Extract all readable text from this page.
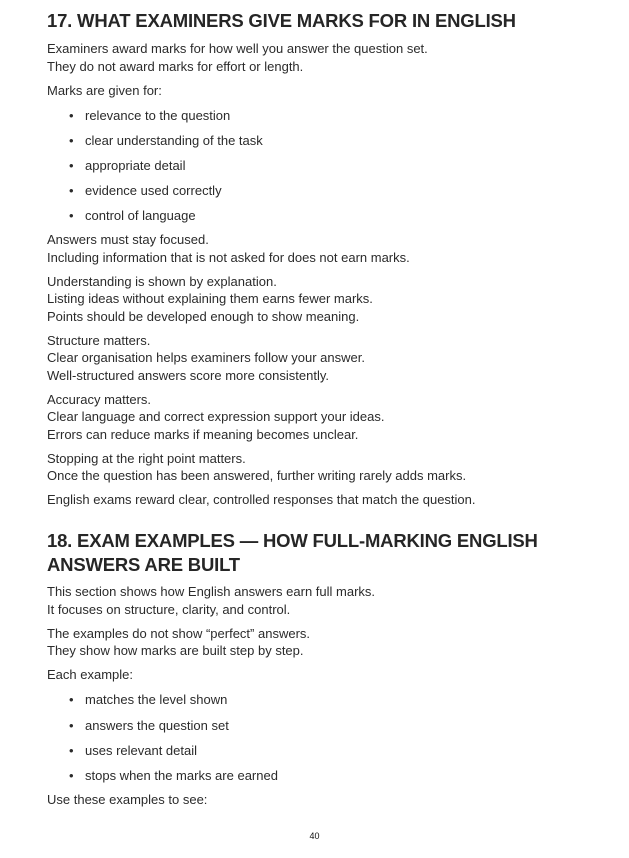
17. WHAT EXAMINERS GIVE MARKS FOR IN ENGLISH
Examiners award marks for how well you answer the question set.
They do not award marks for effort or length.
Marks are given for:
• relevance to the question
• clear understanding of the task
• appropriate detail
• evidence used correctly
• control of language
Answers must stay focused.
Including information that is not asked for does not earn marks.
Understanding is shown by explanation.
Listing ideas without explaining them earns fewer marks.
Points should be developed enough to show meaning.
Structure matters.
Clear organisation helps examiners follow your answer.
Well-structured answers score more consistently.
Accuracy matters.
Clear language and correct expression support your ideas.
Errors can reduce marks if meaning becomes unclear.
Stopping at the right point matters.
Once the question has been answered, further writing rarely adds marks.
English exams reward clear, controlled responses that match the question.
18. EXAM EXAMPLES — HOW FULL-MARKING ENGLISH
ANSWERS ARE BUILT
This section shows how English answers earn full marks.
It focuses on structure, clarity, and control.
The examples do not show “perfect” answers.
They show how marks are built step by step.
Each example:
• matches the level shown
• answers the question set
• uses relevant detail
• stops when the marks are earned
Use these examples to see:
40
